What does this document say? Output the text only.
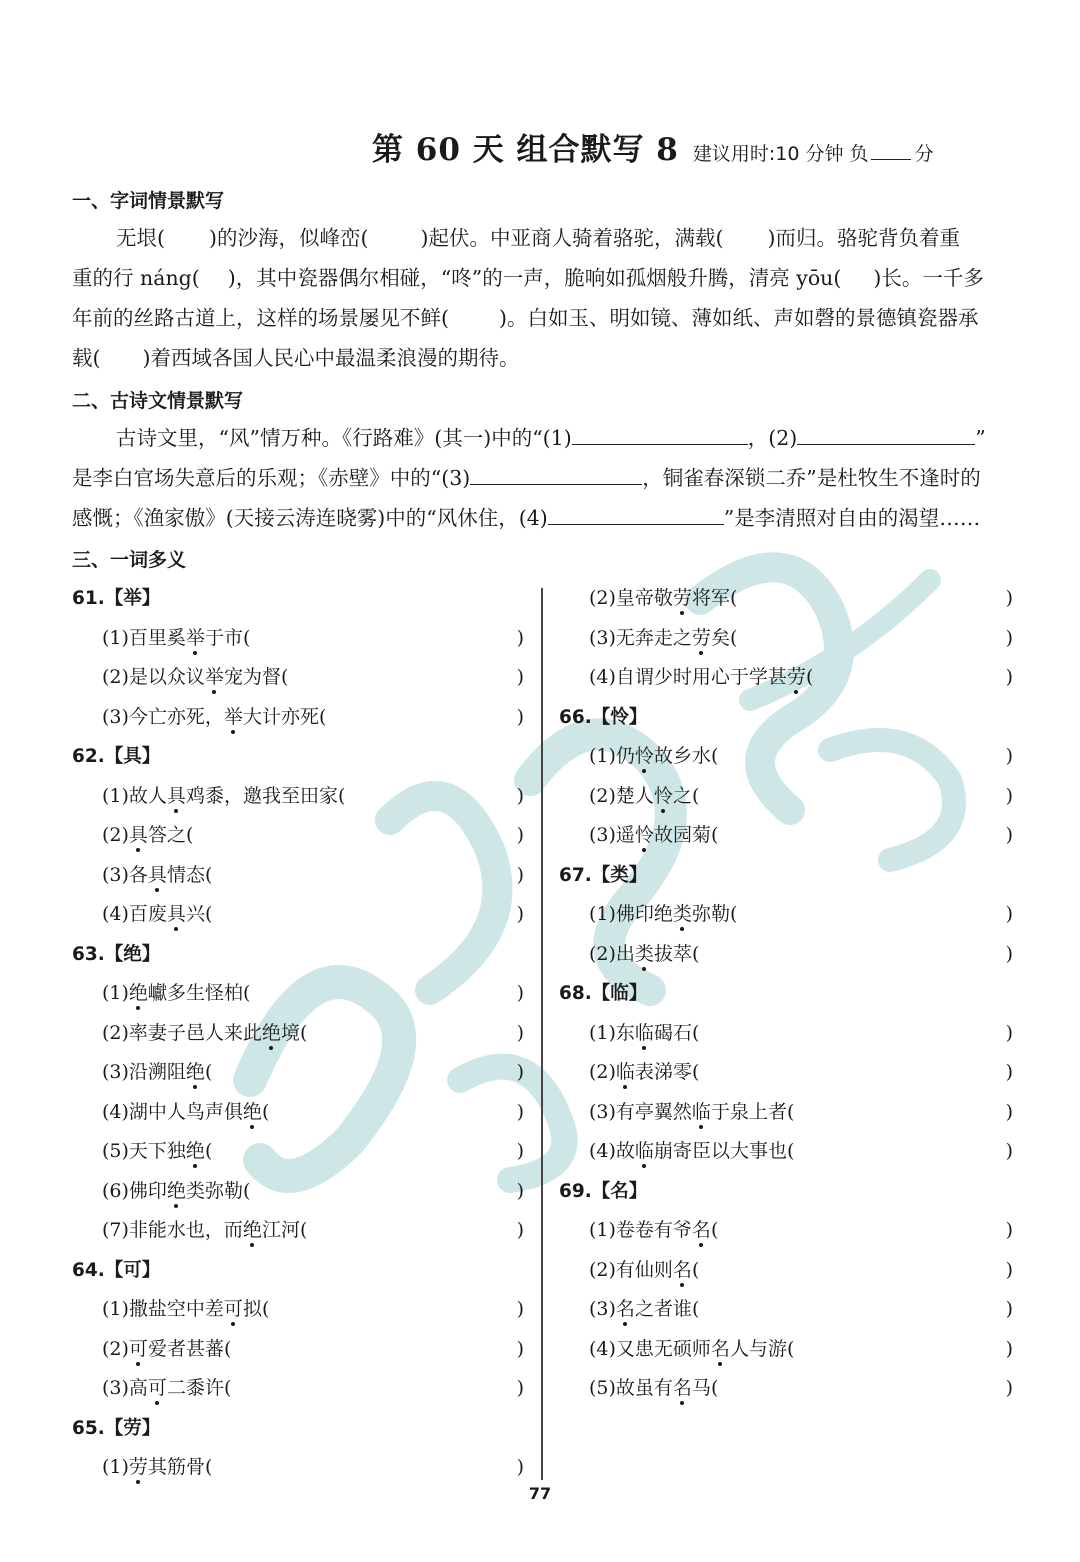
第 60 天 组合默写 8 建议用时:10 分钟 负 分
一、字词情景默写
无垠( )的沙海，似峰峦(	)起伏。中亚商人骑着骆驼，满载( )而归。骆驼背负着重
重的行 náng( )，其中瓷器偶尔相碰，“咚”的一声，脆响如孤烟般升腾，清亮 yōu( )长。一千多
年前的丝路古道上，这样的场景屡见不鲜( )。白如玉、明如镜、薄如纸、声如磬的景德镇瓷器承
载( )着西域各国人民心中最温柔浪漫的期待。
二、古诗文情景默写
古诗文里，“风”情万种。《行路难》(其一)中的“(1)	，(2)	”
是李白官场失意后的乐观；《赤壁》中的“(3)	，铜雀春深锁二乔”是杜牧生不逢时的
感慨；《渔家傲》(天接云涛连晓雾)中的“风休住，(4)	”是李清照对自由的渴望……
三、一词多义
61.【举】
(1)百里奚举于市(	)
(2)是以众议举宠为督(	)
(3)今亡亦死，举大计亦死(	)
62.【具】
(1)故人具鸡黍，邀我至田家(	)
(2)具答之(	)
(3)各具情态(	)
(4)百废具兴(	)
63.【绝】
(1)绝巘多生怪柏(	)
(2)率妻子邑人来此绝境(	)
(3)沿溯阻绝(	)
(4)湖中人鸟声俱绝(	)
(5)天下独绝(	)
(6)佛印绝类弥勒(	)
(7)非能水也，而绝江河(	)
64.【可】
(1)撒盐空中差可拟(	)
(2)可爱者甚蕃(	)
(3)高可二黍许(	)
65.【劳】
(1)劳其筋骨(	)
(2)皇帝敬劳将军(	)
(3)无奔走之劳矣(	)
(4)自谓少时用心于学甚劳(	)
66.【怜】
(1)仍怜故乡水(	)
(2)楚人怜之(	)
(3)遥怜故园菊(	)
67.【类】
(1)佛印绝类弥勒(	)
(2)出类拔萃(	)
68.【临】
(1)东临碣石(	)
(2)临表涕零(	)
(3)有亭翼然临于泉上者(	)
(4)故临崩寄臣以大事也(	)
69.【名】
(1)卷卷有爷名(	)
(2)有仙则名(	)
(3)名之者谁(	)
(4)又患无硕师名人与游(	)
(5)故虽有名马(	)
77
